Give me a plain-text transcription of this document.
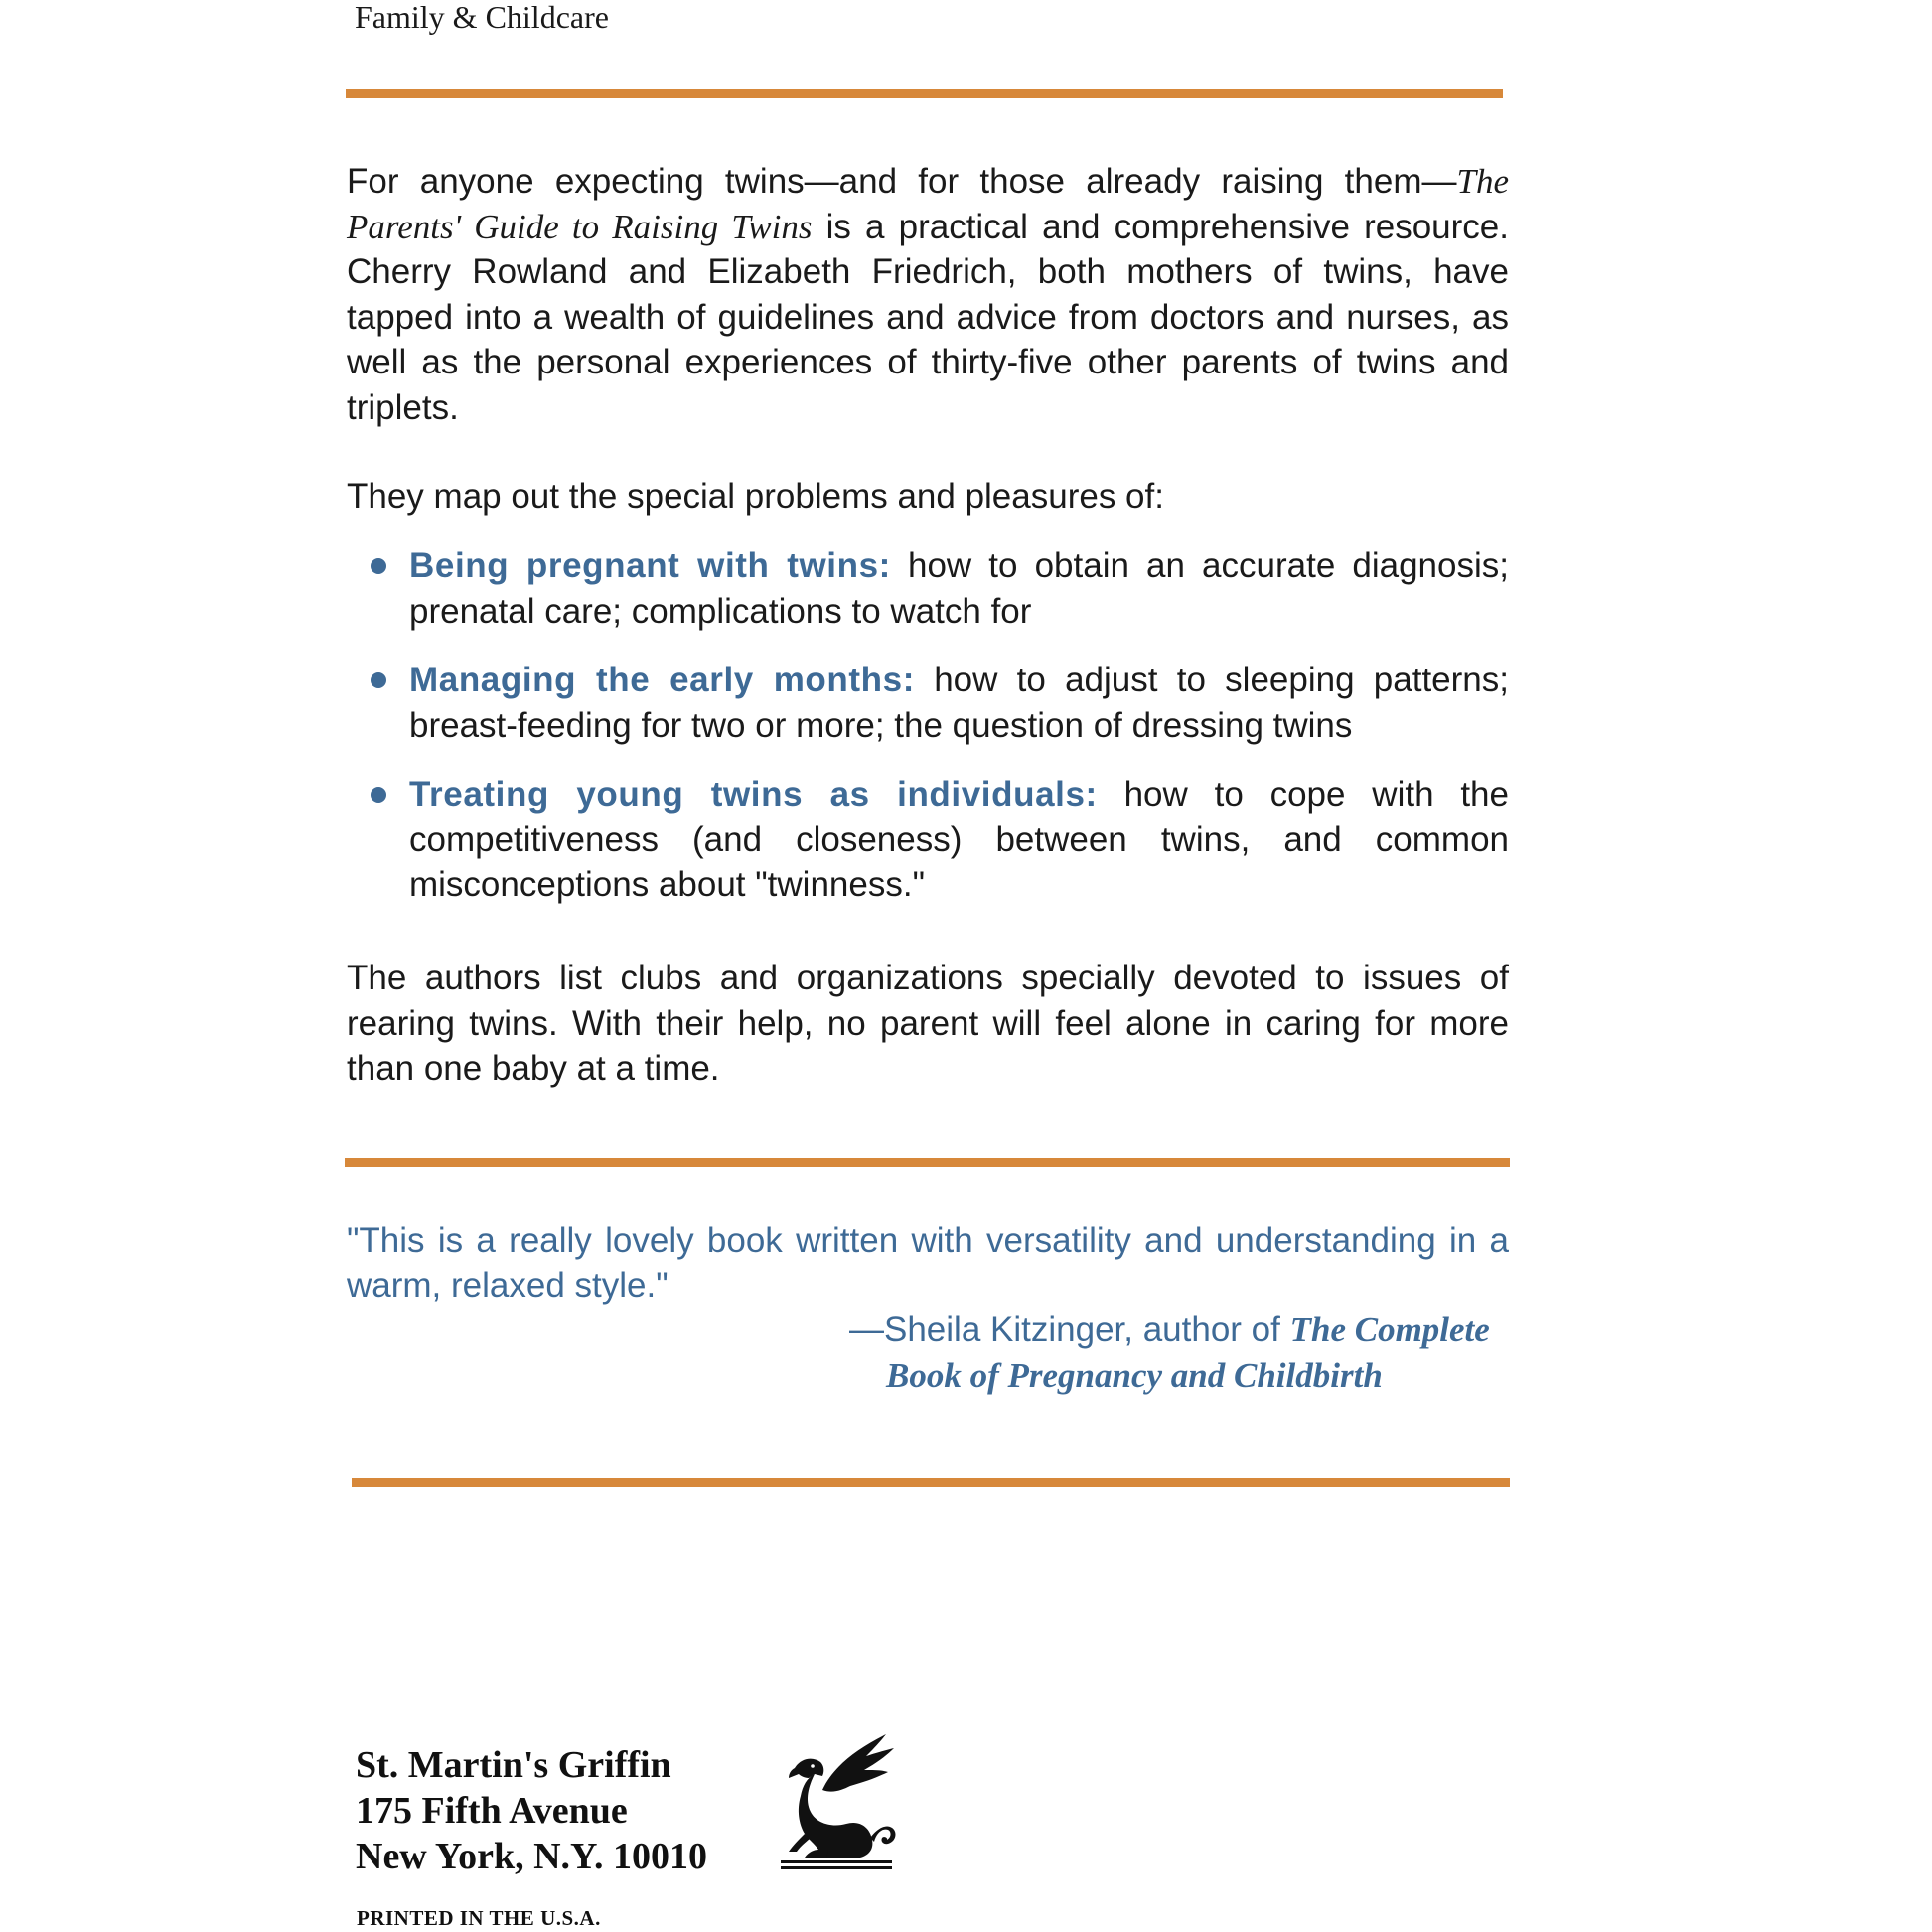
Family & Childcare
For anyone expecting twins—and for those already raising them—The Parents' Guide to Raising Twins is a practical and comprehensive resource. Cherry Rowland and Elizabeth Friedrich, both mothers of twins, have tapped into a wealth of guidelines and advice from doctors and nurses, as well as the personal experiences of thirty-five other parents of twins and triplets.
They map out the special problems and pleasures of:
Being pregnant with twins: how to obtain an accurate diagnosis; prenatal care; complications to watch for
Managing the early months: how to adjust to sleeping patterns; breast-feeding for two or more; the question of dressing twins
Treating young twins as individuals: how to cope with the competitiveness (and closeness) between twins, and common misconceptions about "twinness."
The authors list clubs and organizations specially devoted to issues of rearing twins. With their help, no parent will feel alone in caring for more than one baby at a time.
"This is a really lovely book written with versatility and understanding in a warm, relaxed style."
—Sheila Kitzinger, author of The Complete
Book of Pregnancy and Childbirth
St. Martin's Griffin
175 Fifth Avenue
New York, N.Y. 10010
PRINTED IN THE U.S.A.
